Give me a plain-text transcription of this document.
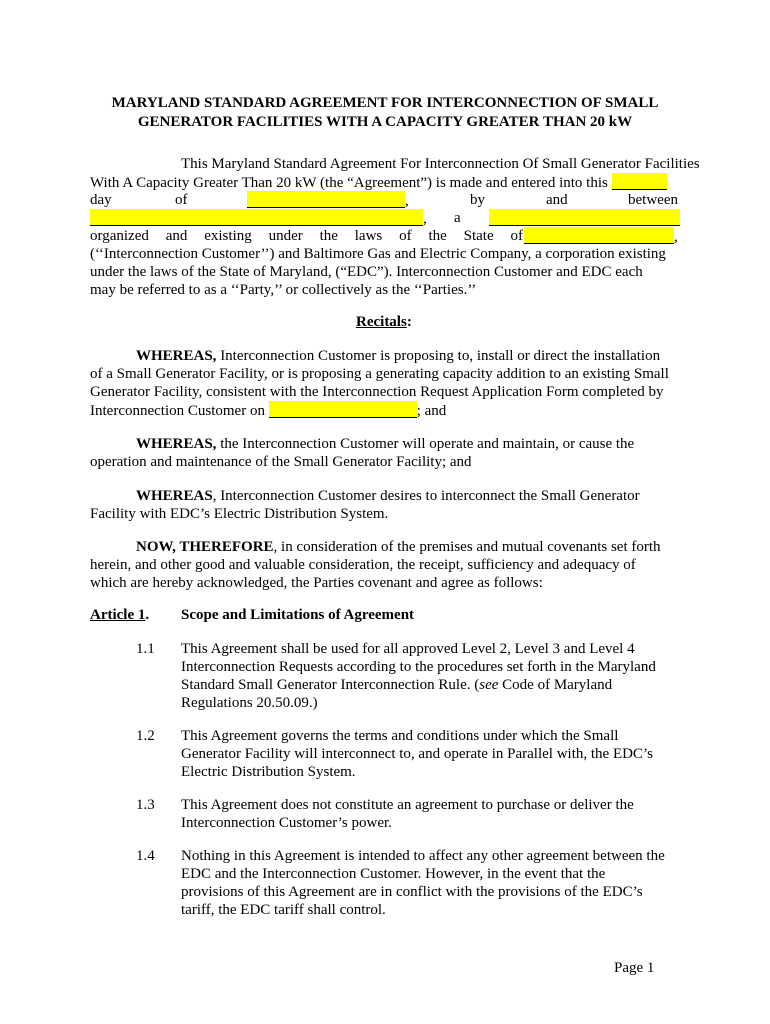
MARYLAND STANDARD AGREEMENT FOR INTERCONNECTION OF SMALL
GENERATOR FACILITIES WITH A CAPACITY GREATER THAN 20 kW
This Maryland Standard Agreement For Interconnection Of Small Generator Facilities
With A Capacity Greater Than 20 kW (the “Agreement”) is made and entered into this
day	of	,	by	and	between
, a
organized and existing under the laws of the State of	,
(‘‘Interconnection Customer’’) and Baltimore Gas and Electric Company, a corporation existing
under the laws of the State of Maryland, (“EDC”). Interconnection Customer and EDC each
may be referred to as a ‘‘Party,’’ or collectively as the ‘‘Parties.’’
Recitals:
WHEREAS, Interconnection Customer is proposing to, install or direct the installation
of a Small Generator Facility, or is proposing a generating capacity addition to an existing Small
Generator Facility, consistent with the Interconnection Request Application Form completed by
Interconnection Customer on	; and
WHEREAS, the Interconnection Customer will operate and maintain, or cause the
operation and maintenance of the Small Generator Facility; and
WHEREAS, Interconnection Customer desires to interconnect the Small Generator
Facility with EDC’s Electric Distribution System.
NOW, THEREFORE, in consideration of the premises and mutual covenants set forth
herein, and other good and valuable consideration, the receipt, sufficiency and adequacy of
which are hereby acknowledged, the Parties covenant and agree as follows:
Article 1. Scope and Limitations of Agreement
1.1 This Agreement shall be used for all approved Level 2, Level 3 and Level 4
Interconnection Requests according to the procedures set forth in the Maryland
Standard Small Generator Interconnection Rule. (see Code of Maryland
Regulations 20.50.09.)
1.2 This Agreement governs the terms and conditions under which the Small
Generator Facility will interconnect to, and operate in Parallel with, the EDC’s
Electric Distribution System.
1.3 This Agreement does not constitute an agreement to purchase or deliver the
Interconnection Customer’s power.
1.4 Nothing in this Agreement is intended to affect any other agreement between the
EDC and the Interconnection Customer. However, in the event that the
provisions of this Agreement are in conflict with the provisions of the EDC’s
tariff, the EDC tariff shall control.
Page 1
